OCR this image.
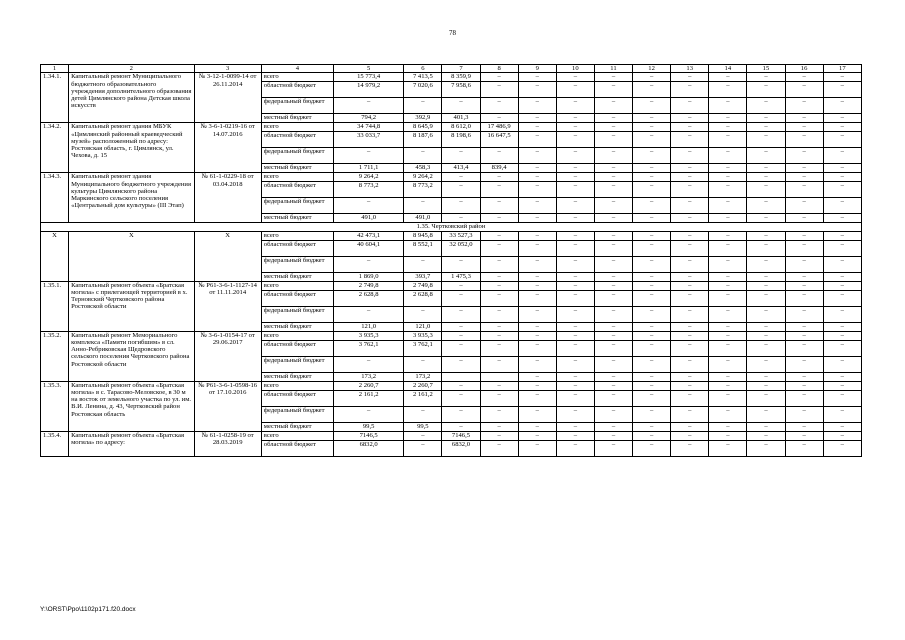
78
1	2	3	4	5	6	7	8	9	10	11	12	13	14	15	16	17
1.34.1.	Капитальный ремонт Муниципального бюджетного образовательного учреждения дополнительного образования детей Цимлянского района Детская школа искусств	№ 3-12-1-0099-14 от 26.11.2014	всего	15 773,4	7 413,5	8 359,9	–	–	–	–	–	–	–	–	–	–
			областной бюджет	14 979,2	7 020,6	7 958,6	–	–	–	–	–	–	–	–	–	–
			федеральный бюджет	–	–	–	–	–	–	–	–	–	–	–	–	–
			местный бюджет	794,2	392,9	401,3	–	–	–	–	–	–	–	–	–	–
1.34.2.	Капитальный ремонт здания МБУК «Цимлянский районный краеведческий музей» расположенный по адресу: Ростовская область, г. Цимлянск, ул. Чехова, д. 15	№ 3-6-1-0219-16 от 14.07.2016	всего	34 744,8	8 645,9	8 612,0	17 486,9	–	–	–	–	–	–	–	–	–
			областной бюджет	33 033,7	8 187,6	8 198,6	16 647,5	–	–	–	–	–	–	–	–	–
			федеральный бюджет	–	–	–	–	–	–	–	–	–	–	–	–	–
			местный бюджет	1 711,1	458,3	413,4	839,4	–	–	–	–	–	–	–	–	–
1.34.3.	Капитальный ремонт здания Муниципального бюджетного учреждения культуры Цимлянского района Маркинского сельского поселения «Центральный дом культуры» (III Этап)	№ 61-1-0229-18 от 03.04.2018	всего	9 264,2	9 264,2	–	–	–	–	–	–	–	–	–	–	–
			областной бюджет	8 773,2	8 773,2	–	–	–	–	–	–	–	–	–	–	–
			федеральный бюджет	–	–	–	–	–	–	–	–	–	–	–	–	–
			местный бюджет	491,0	491,0	–	–	–	–	–	–	–	–	–	–	–
1.35. Чертковский район																
X	X	X	всего	42 473,1	8 945,8	33 527,3	–	–	–	–	–	–	–	–	–	–
			областной бюджет	40 604,1	8 552,1	32 052,0	–	–	–	–	–	–	–	–	–	–
			федеральный бюджет	–	–	–	–	–	–	–	–	–	–	–	–	–
			местный бюджет	1 869,0	393,7	1 475,3	–	–	–	–	–	–	–	–	–	–
1.35.1.	Капитальный ремонт объекта «Братская могила» с прилегающей территорией в х. Терновский Чертковского района Ростовской области	№ Р61-3-6-1-1127-14 от 11.11.2014	всего	2 749,8	2 749,8	–	–	–	–	–	–	–	–	–	–	–
			областной бюджет	2 628,8	2 628,8	–	–	–	–	–	–	–	–	–	–	–
			федеральный бюджет	–	–	–	–	–	–	–	–	–	–	–	–	–
			местный бюджет	121,0	121,0	–	–	–	–	–	–	–	–	–	–	–
1.35.2.	Капитальный ремонт Мемориального комплекса «Памяти погибшим» в сл. Анно-Ребриковская Щедровского сельского поселения Чертковского района Ростовской области	№ 3-6-1-0154-17 от 29.06.2017	всего	3 935,3	3 935,3	–	–	–	–	–	–	–	–	–	–	–
			областной бюджет	3 762,1	3 762,1	–	–	–	–	–	–	–	–	–	–	–
			федеральный бюджет	–	–	–	–	–	–	–	–	–	–	–	–	–
			местный бюджет	173,2	173,2			–	–	–	–	–	–	–	–	–
1.35.3.	Капитальный ремонт объекта «Братская могила» в с. Тарасово-Меловское, в 30 м на восток от земельного участка по ул. им. В.И. Ленина, д. 43, Чертковский район Ростовская область	№ Р61-3-6-1-0598-16 от 17.10.2016	всего	2 260,7	2 260,7	–	–	–	–	–	–	–	–	–	–	–
			областной бюджет	2 161,2	2 161,2	–	–	–	–	–	–	–	–	–	–	–
			федеральный бюджет	–	–	–	–	–	–	–	–	–	–	–	–	–
			местный бюджет	99,5	99,5	–	–	–	–	–	–	–	–	–	–	–
1.35.4.	Капитальный ремонт объекта «Братская могила» по адресу:	№ 61-1-0258-19 от 28.03.2019	всего	7146,5	–	7146,5	–	–	–	–	–	–	–	–	–	–
			областной бюджет	6832,0	–	6832,0	–	–	–	–	–	–	–	–	–	–
Y:\ORST\Ppo\1102p171.f20.docx
